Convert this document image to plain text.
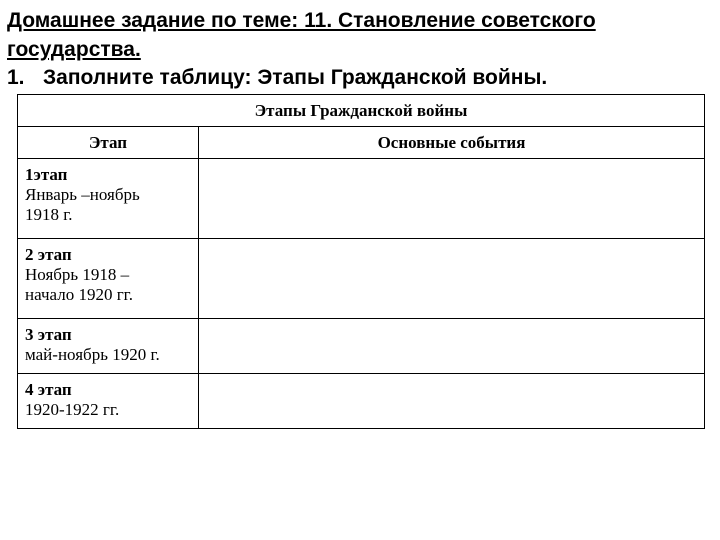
Домашнее задание по теме: 11. Становление советского государства.
1. Заполните таблицу: Этапы Гражданской войны.
Этапы Гражданской войны	
Этап	Основные события

1этап
Январь –ноябрь
1918 г.	

2 этап
Ноябрь 1918 –
начало 1920 гг.	

3 этап
май-ноябрь 1920 г.	

4 этап
1920-1922 гг.	
